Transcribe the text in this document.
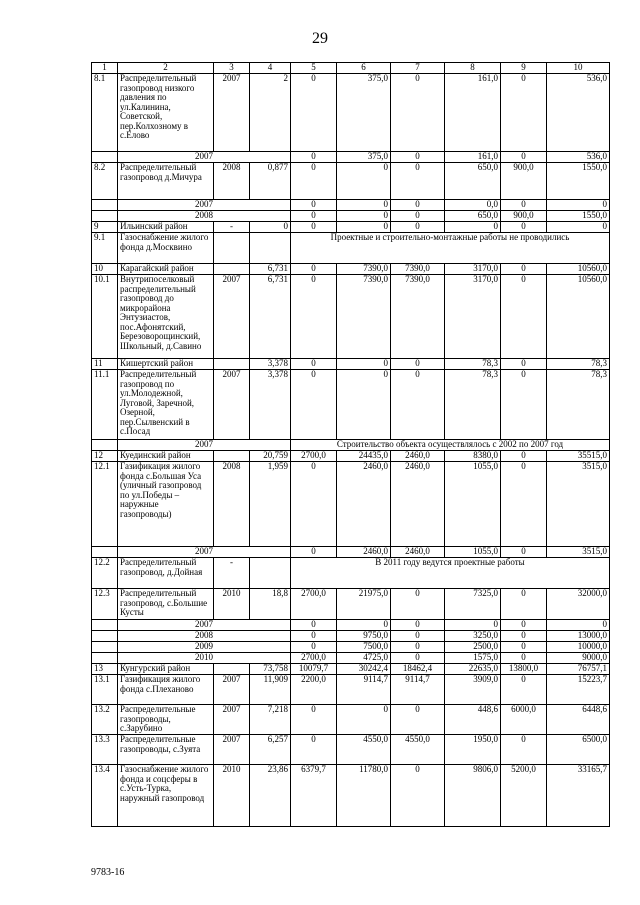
29
1	2	3	4	5	6	7	8	9	10
8.1	Распределительный газопровод низкого давления по ул.Калинина, Советской, пер.Колхозному в с.Елово	2007	2	0	375,0	0	161,0	0	536,0
	2007			0	375,0	0	161,0	0	536,0
8.2	Распределительный газопровод д.Мичура	2008	0,877	0	0	0	650,0	900,0	1550,0
	2007			0	0	0	0,0	0	0
	2008			0	0	0	650,0	900,0	1550,0
9	Ильинский район	-	0	0	0	0	0	0	0
9.1	Газоснабжение жилого фонда д.Москвино			Проектные и строительно-монтажные работы не проводились					
10	Карагайский район		6,731	0	7390,0	7390,0	3170,0	0	10560,0
10.1	Внутрипоселковый распределительный газопровод до микрорайона Энтузиастов, пос.Афонятский, Березоворощинский, Школьный, д.Савино	2007	6,731	0	7390,0	7390,0	3170,0	0	10560,0
11	Кишертский район		3,378	0	0	0	78,3	0	78,3
11.1	Распределительный газопровод по ул.Молодежной, Луговой, Заречной, Озерной, пер.Сылвенский в с.Посад	2007	3,378	0	0	0	78,3	0	78,3
	2007			Строительство объекта осуществлялось с 2002 по 2007 год					
12	Куединский район		20,759	2700,0	24435,0	2460,0	8380,0	0	35515,0
12.1	Газификация жилого фонда с.Большая Уса (уличный газопровод по ул.Победы – наружные газопроводы)	2008	1,959	0	2460,0	2460,0	1055,0	0	3515,0
	2007			0	2460,0	2460,0	1055,0	0	3515,0
12.2	Распределительный газопровод, д.Дойная	-		В 2011 году ведутся проектные работы					
12.3	Распределительный газопровод, с.Большие Кусты	2010	18,8	2700,0	21975,0	0	7325,0	0	32000,0
	2007			0	0	0	0	0	0
	2008			0	9750,0	0	3250,0	0	13000,0
	2009			0	7500,0	0	2500,0	0	10000,0
	2010			2700,0	4725,0	0	1575,0	0	9000,0
13	Кунгурский район		73,758	10079,7	30242,4	18462,4	22635,0	13800,0	76757,1
13.1	Газификация жилого фонда с.Плеханово	2007	11,909	2200,0	9114,7	9114,7	3909,0	0	15223,7
13.2	Распределительные газопроводы, с.Зарубино	2007	7,218	0	0	0	448,6	6000,0	6448,6
13.3	Распределительные газопроводы, с.Зуята	2007	6,257	0	4550,0	4550,0	1950,0	0	6500,0
13.4	Газоснабжение жилого фонда и соцсферы в с.Усть-Турка, наружный газопровод	2010	23,86	6379,7	11780,0	0	9806,0	5200,0	33165,7
9783-16
